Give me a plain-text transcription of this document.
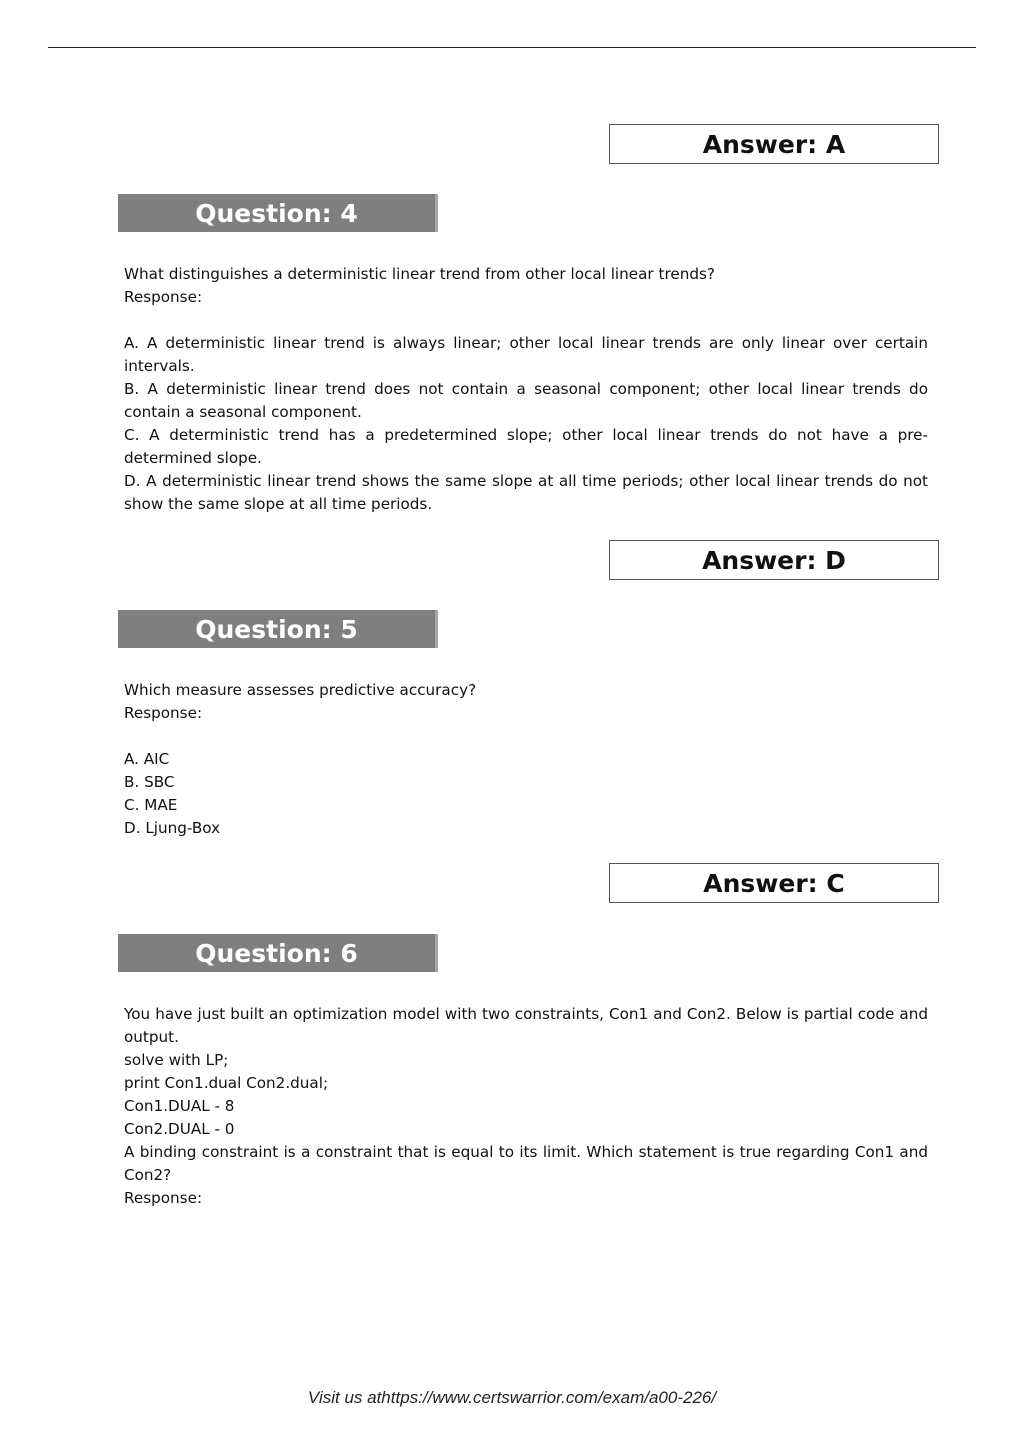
Answer: A
Question: 4

What distinguishes a deterministic linear trend from other local linear trends?

Response:

A. A deterministic linear trend is always linear; other local linear trends are only linear over certain intervals.

B. A deterministic linear trend does not contain a seasonal component; other local linear trends do contain a seasonal component.

C. A deterministic trend has a predetermined slope; other local linear trends do not have a pre-determined slope.

D. A deterministic linear trend shows the same slope at all time periods; other local linear trends do not show the same slope at all time periods.

Answer: D
Question: 5

Which measure assesses predictive accuracy?

Response:

A. AIC

B. SBC

C. MAE

D. Ljung-Box

Answer: C
Question: 6

You have just built an optimization model with two constraints, Con1 and Con2. Below is partial code and output.

solve with LP;

print Con1.dual Con2.dual;

Con1.DUAL - 8

Con2.DUAL - 0

A binding constraint is a constraint that is equal to its limit. Which statement is true regarding Con1 and Con2?

Response:

Visit us athttps://www.certswarrior.com/exam/a00-226/
